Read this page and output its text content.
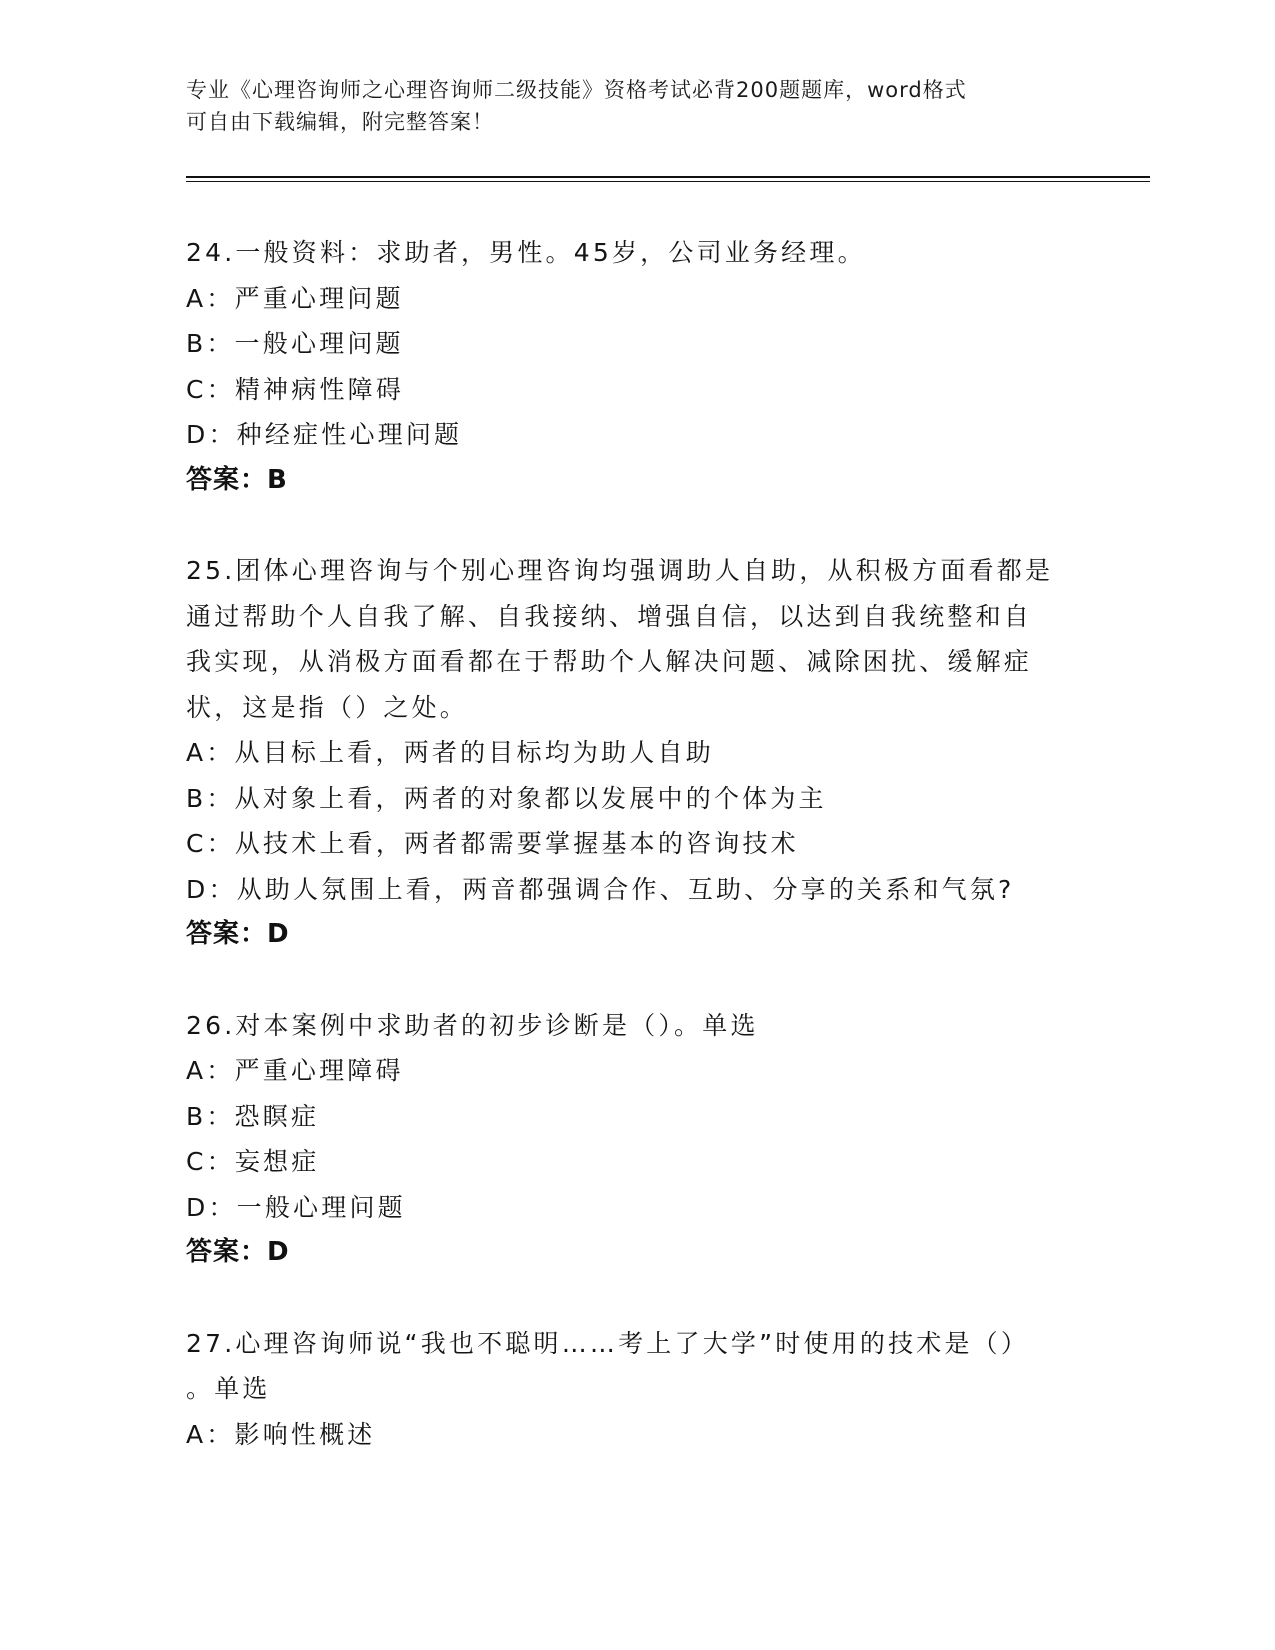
专业《心理咨询师之心理咨询师二级技能》资格考试必背200题题库，word格式
可自由下载编辑，附完整答案！
24.一般资料：求助者，男性。45岁，公司业务经理。
A：严重心理问题
B：一般心理问题
C：精神病性障碍
D：种经症性心理问题
答案：B
25.团体心理咨询与个别心理咨询均强调助人自助，从积极方面看都是
通过帮助个人自我了解、自我接纳、增强自信，以达到自我统整和自
我实现，从消极方面看都在于帮助个人解决问题、减除困扰、缓解症
状，这是指（）之处。
A：从目标上看，两者的目标均为助人自助
B：从对象上看，两者的对象都以发展中的个体为主
C：从技术上看，两者都需要掌握基本的咨询技术
D：从助人氛围上看，两音都强调合作、互助、分享的关系和气氛?
答案：D
26.对本案例中求助者的初步诊断是（）。单选
A：严重心理障碍
B：恐瞑症
C：妄想症
D：一般心理问题
答案：D
27.心理咨询师说“我也不聪明……考上了大学”时使用的技术是（）
。单选
A：影响性概述
